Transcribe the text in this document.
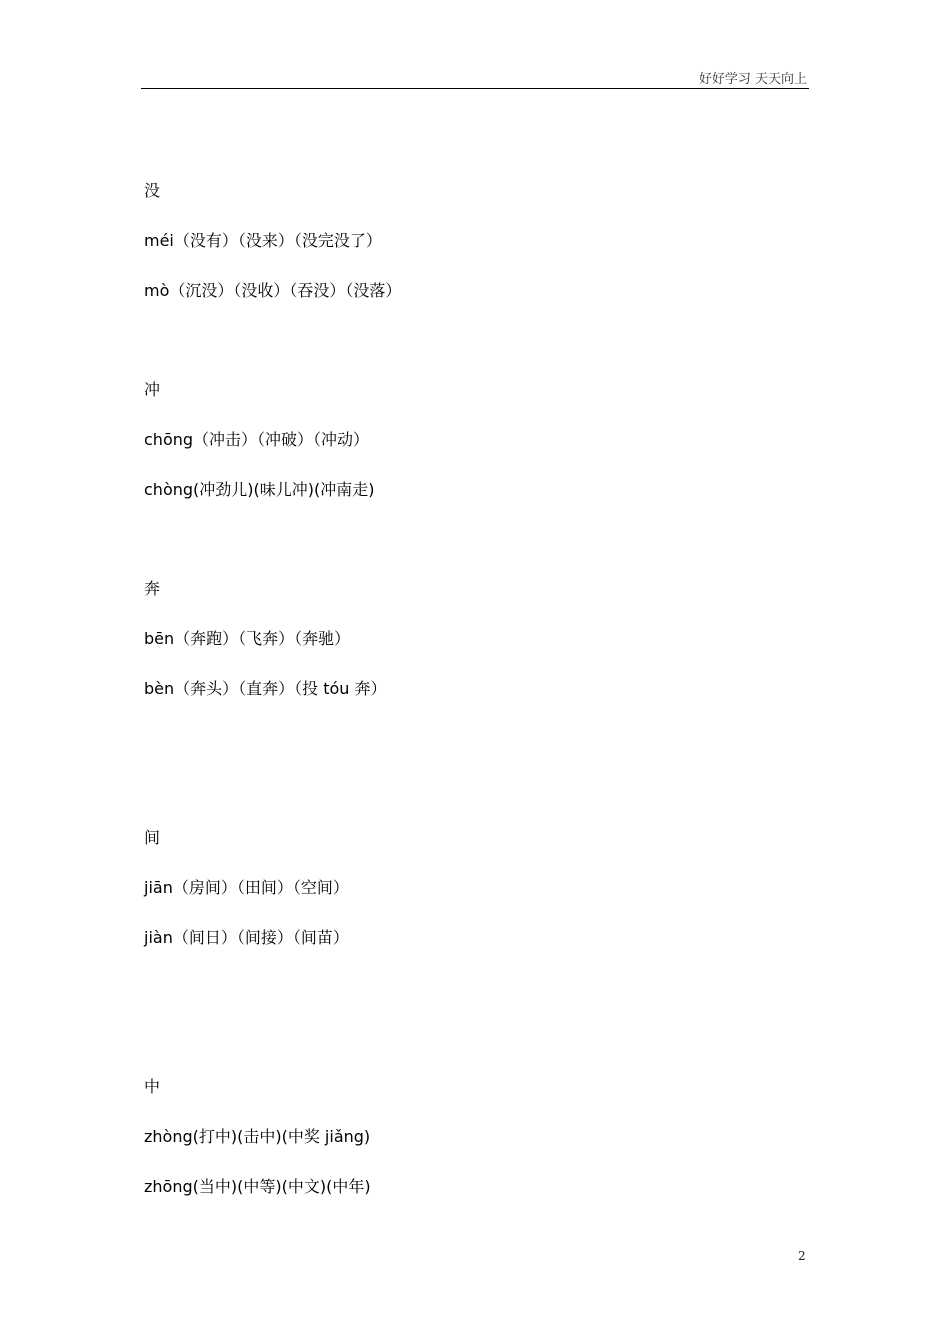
好好学习 天天向上
没
méi（没有）（没来）（没完没了）
mò（沉没）（没收）（吞没）（没落）
冲
chōng（冲击）（冲破）（冲动）
chòng(冲劲儿)(味儿冲)(冲南走)
奔
bēn（奔跑）（飞奔）（奔驰）
bèn（奔头）（直奔）（投 tóu 奔）
间
jiān（房间）（田间）（空间）
jiàn（间日）（间接）（间苗）
中
zhòng(打中)(击中)(中奖 jiǎng)
zhōng(当中)(中等)(中文)(中年)
2
